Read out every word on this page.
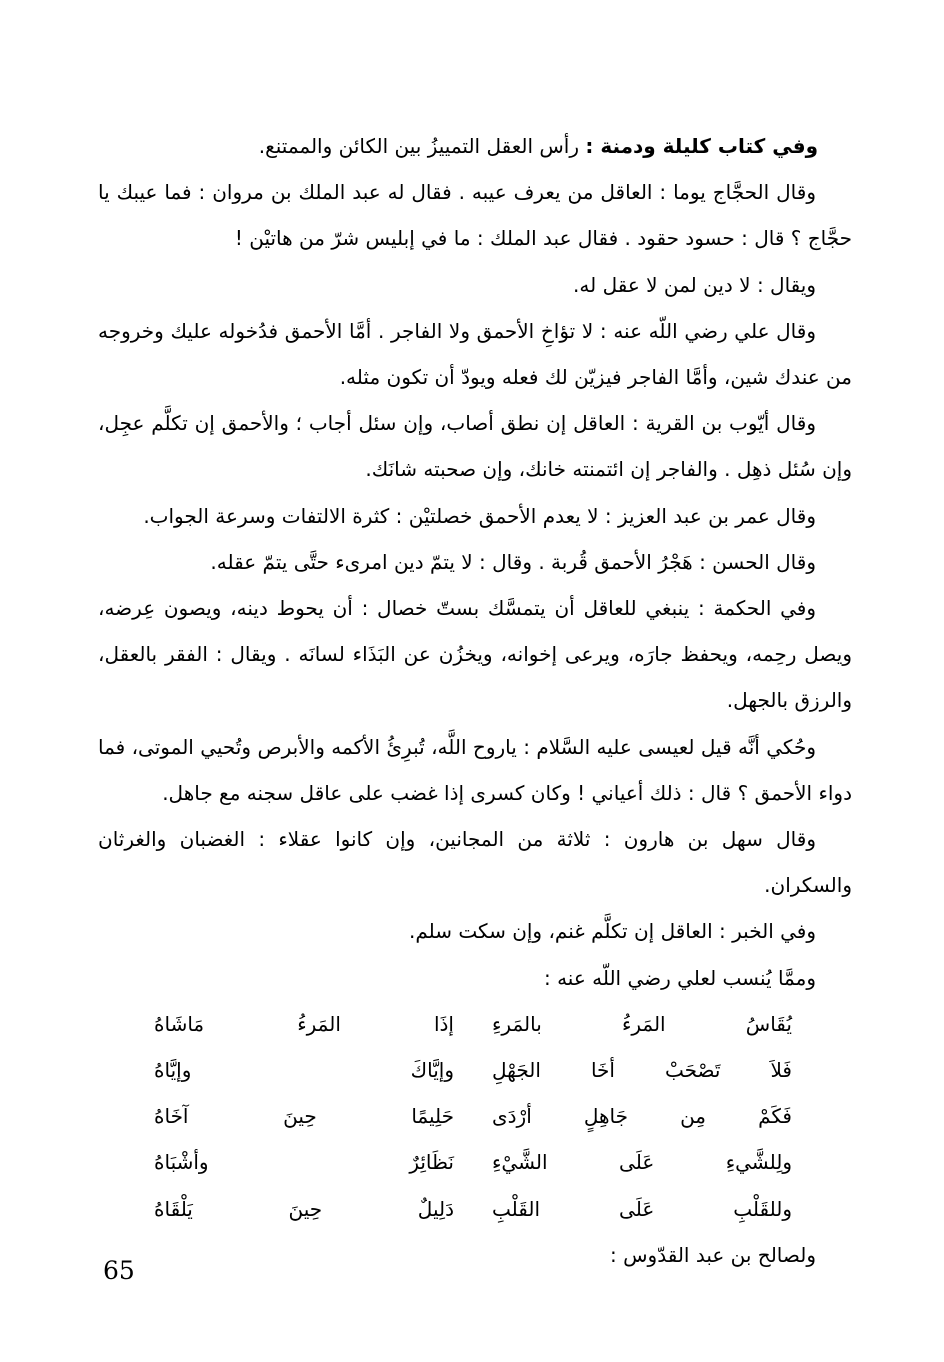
وفي كتاب كليلة ودمنة : رأس العقل التمييزُ بين الكائن والممتنع.

وقال الحجَّاج يوما : العاقل من يعرف عيبه . فقال له عبد الملك بن مروان : فما عيبك يا حجَّاج ؟ قال : حسود حقود . فقال عبد الملك : ما في إبليس شرّ من هاتيْن !

ويقال : لا دين لمن لا عقل له.

وقال علي رضي اللّه عنه : لا تؤاخِ الأحمق ولا الفاجر . أمَّا الأحمق فدُخوله عليك وخروجه من عندك شين، وأمَّا الفاجر فيزيّن لك فعله ويودّ أن تكون مثله.

وقال أيّوب بن القرية : العاقل إن نطق أصاب، وإن سئل أجاب ؛ والأحمق إن تكلَّم عجِل، وإن سُئل ذهِل . والفاجر إن ائتمنته خانك، وإن صحبته شانَك.

وقال عمر بن عبد العزيز : لا يعدم الأحمق خصلتيْن : كثرة الالتفات وسرعة الجواب.

وقال الحسن : هَجْرُ الأحمق قُربة . وقال : لا يتمّ دين امرىء حتَّى يتمّ عقله.

وفي الحكمة : ينبغي للعاقل أن يتمسَّك بستّ خصال : أن يحوط دينه، ويصون عِرضه، ويصل رحِمه، ويحفظ جارَه، ويرعى إخوانه، ويخزُن عن البَذَاء لسانَه . ويقال : الفقر بالعقل، والرزق بالجهل.

وحُكي أنَّه قيل لعيسى عليه السَّلام : ياروح اللَّه، تُبرِئُ الأكمه والأبرص وتُحيي الموتى، فما دواء الأحمق ؟ قال : ذلك أعياني ! وكان كسرى إذا غضب على عاقل سجنه مع جاهل.

وقال سهل بن هارون : ثلاثة من المجانين، وإن كانوا عقلاء : الغضبان والغرثان والسكران.

وفي الخبر : العاقل إن تكلَّم غنم، وإن سكت سلم.

وممَّا يُنسب لعلي رضي اللّه عنه :

يُقَاسُ المَرءُ بالمَرءِ
إذَا المَرءُ مَاشَاهُ
فَلاَ تَصْحَبْ أخَا الجَهْلِ
وإيَّاكَ وإيَّاهُ
فَكَمْ مِن جَاهِلٍ أرْدَى
حَلِيمًا حِينَ آخَاهُ
ولِلشَّيءِ عَلَى الشَّيْءِ
نَظَائِرٌ وأشْبَاهُ
وللقَلْبِ عَلَى القَلْبِ
دَلِيلٌ حِينَ يَلْقَاهُ

ولصالح بن عبد القدّوس :

65
